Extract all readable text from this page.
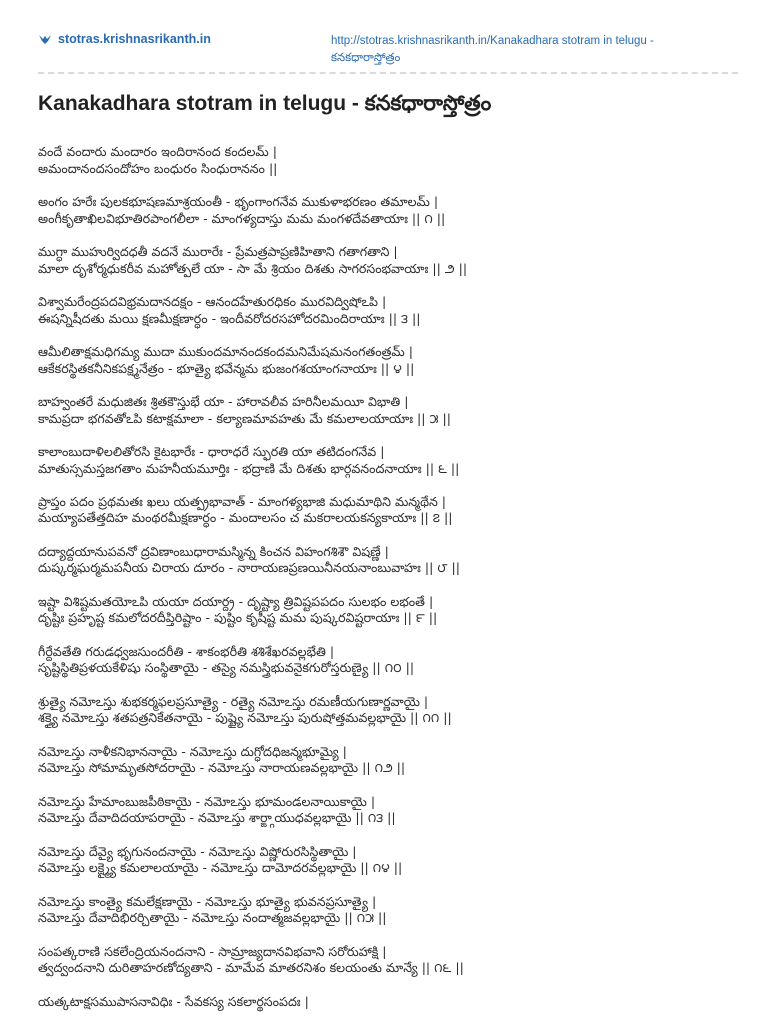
stotras.krishnasrikanth.in	http://stotras.krishnasrikanth.in/Kanakadhara stotram in telugu -
కనకధారాస్తోత్రం
Kanakadhara stotram in telugu - కనకధారాస్తోత్రం
వందే వందారు మందారం ఇందిరానంద కందలమ్ |
అమందానందసందోహం బంధురం సింధురాననం ||
అంగం హరేః పులకభూషణమాశ్రయంతీ - భృంగాంగనేవ ముకుళాభరణం తమాలమ్ |
అంగీకృతాఖిలవిభూతిరపాంగలీలా - మాంగళ్యదాస్తు మమ మంగళదేవతాయాః || ౧ ||
ముగ్ధా ముహుర్విదధతీ వదనే మురారేః - ప్రేమత్రపాప్రణిహితాని గతాగతాని |
మాలా దృశోర్మధుకరీవ మహోత్పలే యా - సా మే శ్రియం దిశతు సాగరసంభవాయాః || ౨ ||
విశ్వామరేంద్రపదవిభ్రమదానదక్షం - ఆనందహేతురధికం మురవిద్విషోఽపి |
ఈషన్నిషీదతు మయి క్షణమీక్షణార్ధం - ఇందీవరోదరసహోదరమిందిరాయాః || ౩ ||
ఆమీలితాక్షమధిగమ్య ముదా ముకుందమానందకందమనిమేషమనంగతంత్రమ్ |
ఆకేకరస్థితకనీనికపక్ష్మనేత్రం - భూత్యై భవేన్మమ భుజంగశయాంగనాయాః || ౪ ||
బాహ్వంతరే మధుజితః శ్రితకౌస్తుభే యా - హారావలీవ హరినీలమయీ విభాతి |
కామప్రదా భగవతోఽపి కటాక్షమాలా - కల్యాణమావహతు మే కమలాలయాయాః || ౫ ||
కాలాంబుదాళిలలితోరసి కైటభారేః - ధారాధరే స్ఫురతి యా తటిదంగనేవ |
మాతుస్సమస్తజగతాం మహనీయమూర్తిః - భద్రాణి మే దిశతు భార్గవనందనాయాః || ౬ ||
ప్రాప్తం పదం ప్రథమతః ఖలు యత్ప్రభావాత్ - మాంగళ్యభాజి మధుమాథిని మన్మథేన |
మయ్యాపతేత్తదిహ మంథరమీక్షణార్ధం - మందాలసం చ మకరాలయకన్యకాయాః || ౭ ||
దద్యాద్దయానుపవనో ద్రవిణాంబుధారామస్మిన్న కించన విహంగశిశౌ విషణ్ణే |
దుష్కర్మఘర్మమపనీయ చిరాయ దూరం - నారాయణప్రణయినీనయనాంబువాహః || ౮ ||
ఇష్టా విశిష్టమతయోఽపి యయా దయార్ద్ర - దృష్ట్యా త్రివిష్టపపదం సులభం లభంతే |
దృష్టిః ప్రహృష్ట కమలోదరదీప్తిరిష్టాం - పుష్టిం కృషీష్ట మమ పుష్కరవిష్టరాయాః || ౯ ||
గీర్దేవతేతి గరుడధ్వజసుందరీతి - శాకంభరీతి శశిశేఖరవల్లభేతి |
సృష్టిస్థితిప్రళయకేళిషు సంస్థితాయై - తస్యై నమస్త్రిభువనైకగురోస్తరుణ్యై || ౧౦ ||
శ్రుత్యై నమోఽస్తు శుభకర్మఫలప్రసూత్యై - రత్యై నమోఽస్తు రమణీయగుణార్ణవాయై |
శక్త్యై నమోఽస్తు శతపత్రనికేతనాయై - పుష్ట్యై నమోఽస్తు పురుషోత్తమవల్లభాయై || ౧౧ ||
నమోఽస్తు నాళీకనిభాననాయై - నమోఽస్తు దుగ్ధోదధిజన్మభూమ్యై |
నమోఽస్తు సోమామృతసోదరాయై - నమోఽస్తు నారాయణవల్లభాయై || ౧౨ ||
నమోఽస్తు హేమాంబుజపీఠికాయై - నమోఽస్తు భూమండలనాయికాయై |
నమోఽస్తు దేవాదిదయాపరాయై - నమోఽస్తు శార్ఙ్గాయుధవల్లభాయై || ౧౩ ||
నమోఽస్తు దేవ్యై భృగునందనాయై - నమోఽస్తు విష్ణోరురసిస్థితాయై |
నమోఽస్తు లక్ష్మ్యై కమలాలయాయై - నమోఽస్తు దామోదరవల్లభాయై || ౧౪ ||
నమోఽస్తు కాంత్యై కమలేక్షణాయై - నమోఽస్తు భూత్యై భువనప్రసూత్యై |
నమోఽస్తు దేవాదిభిరర్చితాయై - నమోఽస్తు నందాత్మజవల్లభాయై || ౧౫ ||
సంపత్కరాణి సకలేంద్రియనందనాని - సామ్రాజ్యదానవిభవాని సరోరుహాక్షి |
త్వద్వందనాని దురితాహరణోద్యతాని - మామేవ మాతరనిశం కలయంతు మాన్యే || ౧౬ ||
యత్కటాక్షసముపాసనావిధిః - సేవకస్య సకలార్థసంపదః |
